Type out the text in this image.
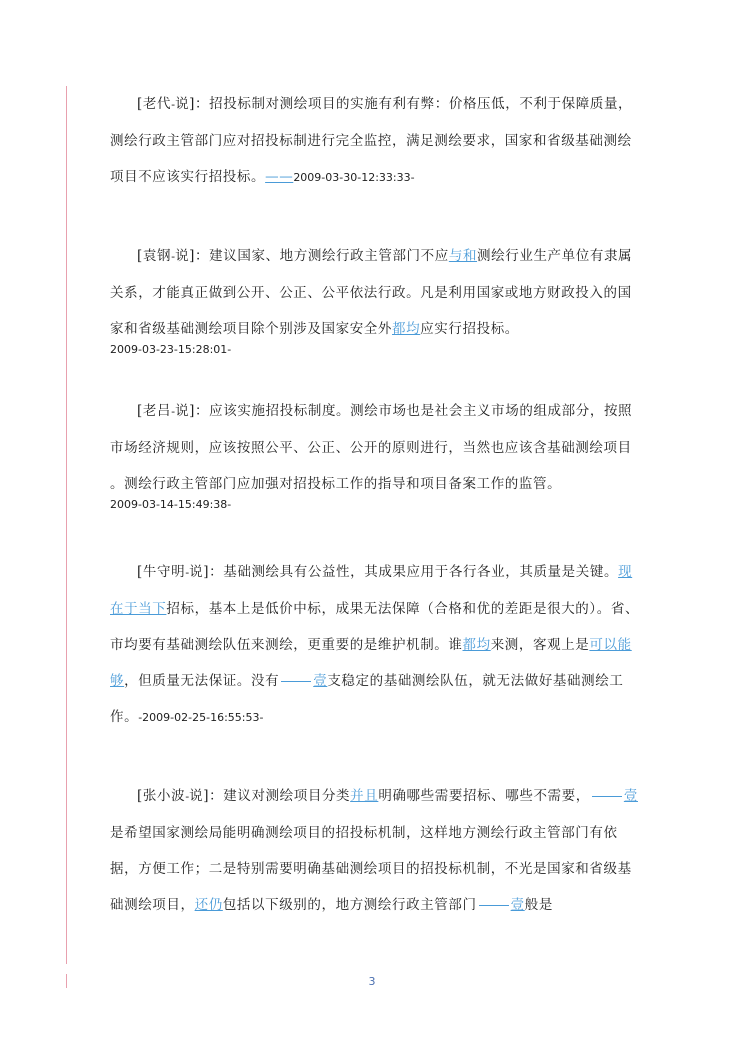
[老代-说]：招投标制对测绘项目的实施有利有弊：价格压低，不利于保障质量，测绘行政主管部门应对招投标制进行完全监控，满足测绘要求，国家和省级基础测绘项目不应该实行招投标。——2009-03-30-12:33:33-

[袁钢-说]：建议国家、地方测绘行政主管部门不应与和测绘行业生产单位有隶属关系，才能真正做到公开、公正、公平依法行政。凡是利用国家或地方财政投入的国家和省级基础测绘项目除个别涉及国家安全外都均应实行招投标。
2009-03-23-15:28:01-

[老吕-说]：应该实施招投标制度。测绘市场也是社会主义市场的组成部分，按照市场经济规则，应该按照公平、公正、公开的原则进行，当然也应该含基础测绘项目 。测绘行政主管部门应加强对招投标工作的指导和项目备案工作的监管。
2009-03-14-15:49:38-

[牛守明-说]：基础测绘具有公益性，其成果应用于各行各业，其质量是关键。现在于当下招标，基本上是低价中标，成果无法保障（合格和优的差距是很大的）。省、市均要有基础测绘队伍来测绘，更重要的是维护机制。谁都均来测，客观上是可以能够，但质量无法保证。没有	壹支稳定的基础测绘队伍，就无法做好基础测绘工作。-2009-02-25-16:55:53-

[张小波-说]：建议对测绘项目分类并且明确哪些需要招标、哪些不需要，	壹是希望国家测绘局能明确测绘项目的招投标机制，这样地方测绘行政主管部门有依据，方便工作；二是特别需要明确基础测绘项目的招投标机制，不光是国家和省级基础测绘项目，还仍包括以下级别的，地方测绘行政主管部门	壹般是

3
